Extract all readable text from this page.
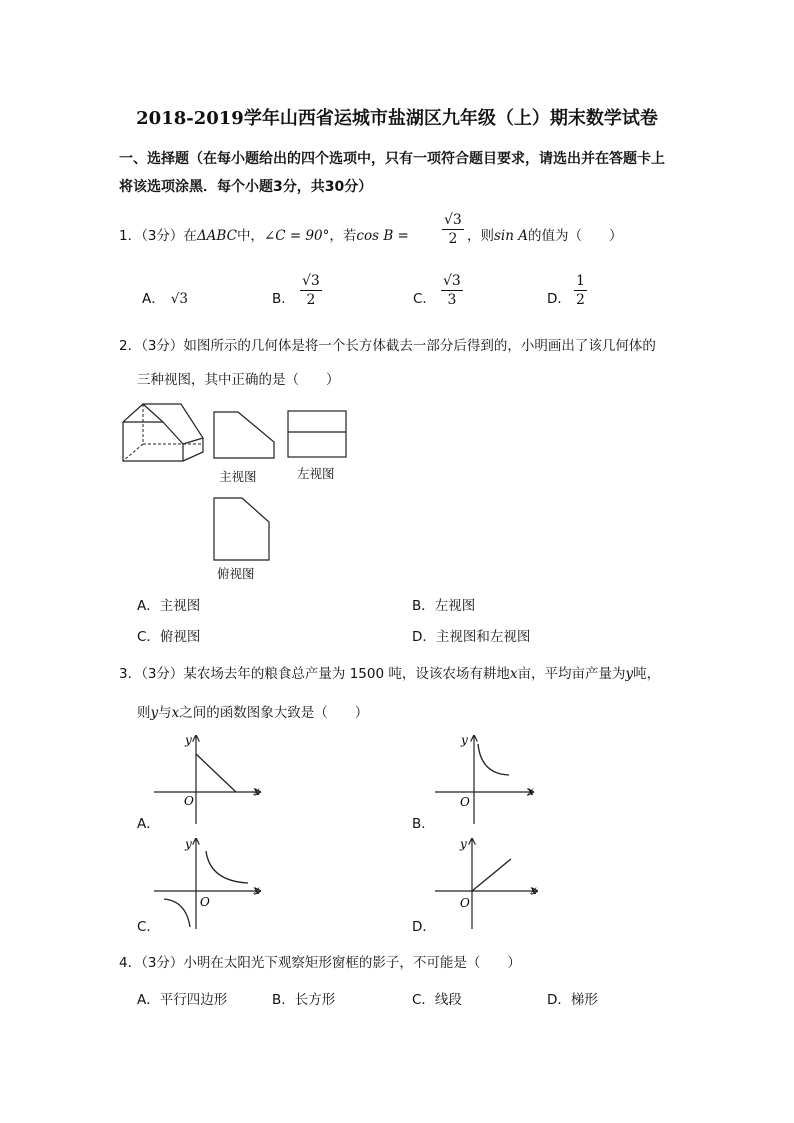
2018-2019学年山西省运城市盐湖区九年级（上）期末数学试卷
一、选择题（在每小题给出的四个选项中，只有一项符合题目要求，请选出并在答题卡上
将该选项涂黑．每个小题3分，共30分）
1．（3分）在ΔABC中，∠C = 90°，若cos B =
√3
2 ，则sin A的值为（　　）
A． √3	B．
√3
2	C．
√3
3	D．
1
2
2．（3分）如图所示的几何体是将一个长方体截去一部分后得到的，小明画出了该几何体的
三种视图，其中正确的是（　　）
主视图	左视图
俯视图
A．主视图	B．左视图
C．俯视图	D．主视图和左视图
3．（3分）某农场去年的粮食总产量为 1500 吨，设该农场有耕地x亩，平均亩产量为y吨，
则y与x之间的函数图象大致是（　　）
x
y
O
A．
x
y
O
B．
x
y
O
C．
x
y
O
D．
4．（3分）小明在太阳光下观察矩形窗框的影子，不可能是（　　）
A．平行四边形	B．长方形	C．线段	D．梯形
